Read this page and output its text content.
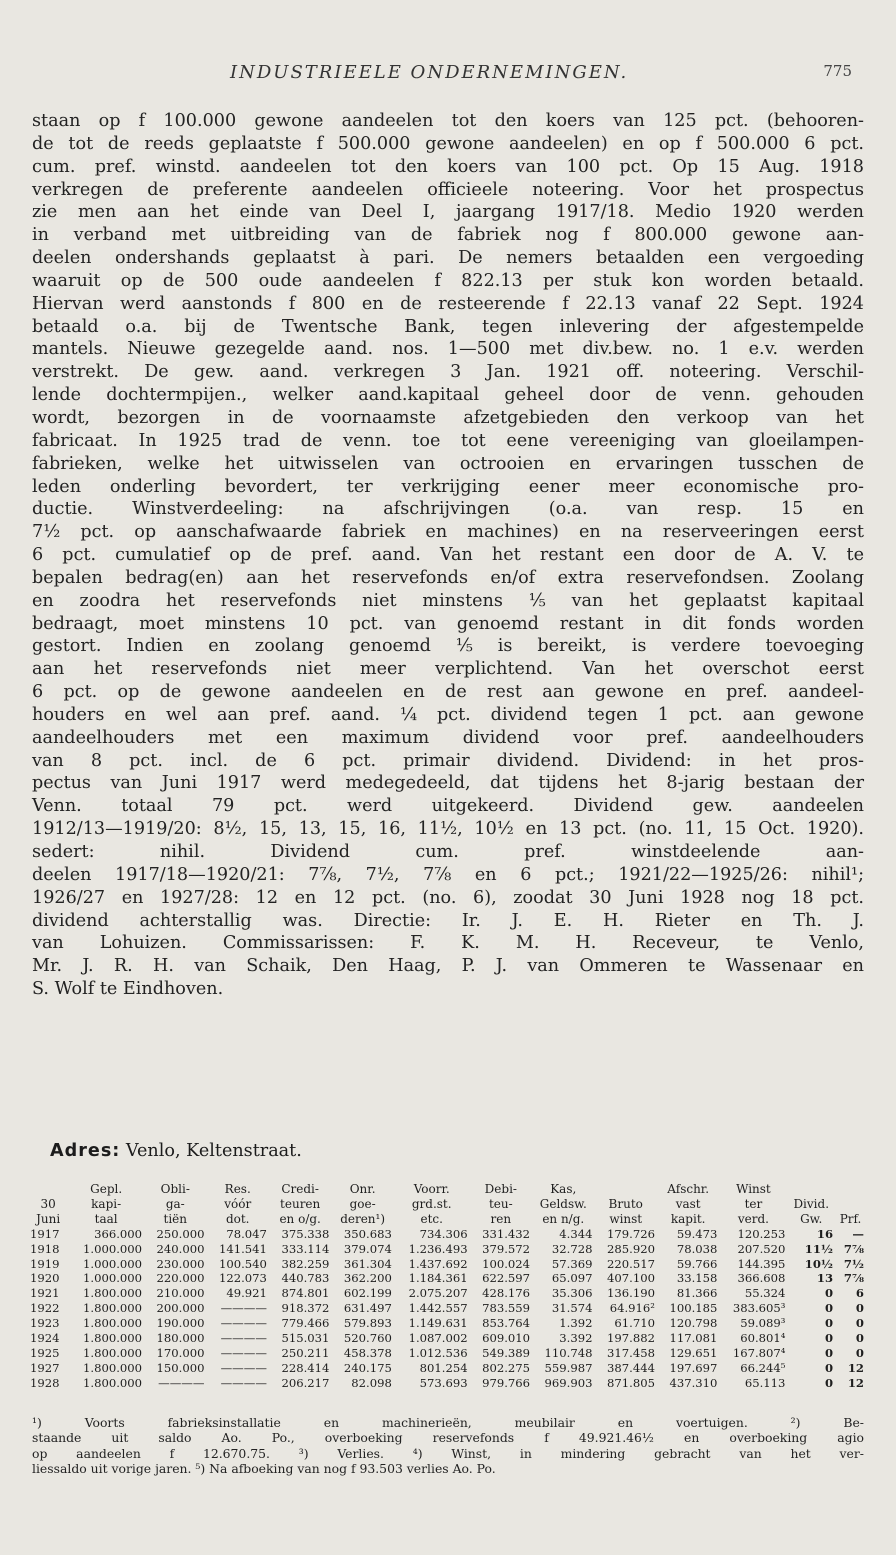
INDUSTRIEELE ONDERNEMINGEN.	775
staan op f 100.000 gewone aandeelen tot den koers van 125 pct. (behooren-
de tot de reeds geplaatste f 500.000 gewone aandeelen) en op f 500.000 6 pct.
cum. pref. winstd. aandeelen tot den koers van 100 pct. Op 15 Aug. 1918
verkregen de preferente aandeelen officieele noteering. Voor het prospectus
zie men aan het einde van Deel I, jaargang 1917/18. Medio 1920 werden
in verband met uitbreiding van de fabriek nog f 800.000 gewone aan-
deelen ondershands geplaatst à pari. De nemers betaalden een vergoeding
waaruit op de 500 oude aandeelen f 822.13 per stuk kon worden betaald.
Hiervan werd aanstonds f 800 en de resteerende f 22.13 vanaf 22 Sept. 1924
betaald o.a. bij de Twentsche Bank, tegen inlevering der afgestempelde
mantels. Nieuwe gezegelde aand. nos. 1—500 met div.bew. no. 1 e.v. werden
verstrekt. De gew. aand. verkregen 3 Jan. 1921 off. noteering. Verschil-
lende dochtermpijen., welker aand.kapitaal geheel door de venn. gehouden
wordt, bezorgen in de voornaamste afzetgebieden den verkoop van het
fabricaat. In 1925 trad de venn. toe tot eene vereeniging van gloeilampen-
fabrieken, welke het uitwisselen van octrooien en ervaringen tusschen de
leden onderling bevordert, ter verkrijging eener meer economische pro-
ductie. Winstverdeeling: na afschrijvingen (o.a. van resp. 15 en
7½ pct. op aanschafwaarde fabriek en machines) en na reserveeringen eerst
6 pct. cumulatief op de pref. aand. Van het restant een door de A. V. te
bepalen bedrag(en) aan het reservefonds en/of extra reservefondsen. Zoolang
en zoodra het reservefonds niet minstens ⅕ van het geplaatst kapitaal
bedraagt, moet minstens 10 pct. van genoemd restant in dit fonds worden
gestort. Indien en zoolang genoemd ⅕ is bereikt, is verdere toevoeging
aan het reservefonds niet meer verplichtend. Van het overschot eerst
6 pct. op de gewone aandeelen en de rest aan gewone en pref. aandeel-
houders en wel aan pref. aand. ¼ pct. dividend tegen 1 pct. aan gewone
aandeelhouders met een maximum dividend voor pref. aandeelhouders
van 8 pct. incl. de 6 pct. primair dividend. Dividend: in het pros-
pectus van Juni 1917 werd medegedeeld, dat tijdens het 8-jarig bestaan der
Venn. totaal 79 pct. werd uitgekeerd. Dividend gew. aandeelen
1912/13—1919/20: 8½, 15, 13, 15, 16, 11½, 10½ en 13 pct. (no. 11, 15 Oct. 1920).
sedert: nihil. Dividend cum. pref. winstdeelende aan-
deelen 1917/18—1920/21: 7⅞, 7½, 7⅞ en 6 pct.; 1921/22—1925/26: nihil¹;
1926/27 en 1927/28: 12 en 12 pct. (no. 6), zoodat 30 Juni 1928 nog 18 pct.
dividend achterstallig was. Directie: Ir. J. E. H. Rieter en Th. J.
van Lohuizen. Commissarissen: F. K. M. H. Receveur, te Venlo,
Mr. J. R. H. van Schaik, Den Haag, P. J. van Ommeren te Wassenaar en
S. Wolf te Eindhoven.
Adres: Venlo, Keltenstraat.
	Gepl.	Obli-	Res.	Credi-	Onr.	Voorr.	Debi-	Kas,		Afschr.	Winst		
30	kapi-	ga-	vóór	teuren	goe-	grd.st.	teu-	Geldsw.	Bruto	vast	ter	Divid.	
Juni	taal	tiën	dot.	en o/g.	deren¹)	etc.	ren	en n/g.	winst	kapit.	verd.	Gw.	Prf.
1917	366.000	250.000	78.047	375.338	350.683	734.306	331.432	4.344	179.726	59.473	120.253	16	—
1918	1.000.000	240.000	141.541	333.114	379.074	1.236.493	379.572	32.728	285.920	78.038	207.520	11½	7⅞
1919	1.000.000	230.000	100.540	382.259	361.304	1.437.692	100.024	57.369	220.517	59.766	144.395	10½	7½
1920	1.000.000	220.000	122.073	440.783	362.200	1.184.361	622.597	65.097	407.100	33.158	366.608	13	7⅞
1921	1.800.000	210.000	49.921	874.801	602.199	2.075.207	428.176	35.306	136.190	81.366	55.324	0	6
1922	1.800.000	200.000	————	918.372	631.497	1.442.557	783.559	31.574	64.916²	100.185	383.605³	0	0
1923	1.800.000	190.000	————	779.466	579.893	1.149.631	853.764	1.392	61.710	120.798	59.089³	0	0
1924	1.800.000	180.000	————	515.031	520.760	1.087.002	609.010	3.392	197.882	117.081	60.801⁴	0	0
1925	1.800.000	170.000	————	250.211	458.378	1.012.536	549.389	110.748	317.458	129.651	167.807⁴	0	0
1927	1.800.000	150.000	————	228.414	240.175	801.254	802.275	559.987	387.444	197.697	66.244⁵	0	12
1928	1.800.000	————	————	206.217	82.098	573.693	979.766	969.903	871.805	437.310	65.113	0	12
¹) Voorts fabrieksinstallatie en machinerieën, meubilair en voertuigen. ²) Be-
staande uit saldo Ao. Po., overboeking reservefonds f 49.921.46½ en overboeking agio
op aandeelen f 12.670.75. ³) Verlies. ⁴) Winst, in mindering gebracht van het ver-
liessaldo uit vorige jaren. ⁵) Na afboeking van nog f 93.503 verlies Ao. Po.
